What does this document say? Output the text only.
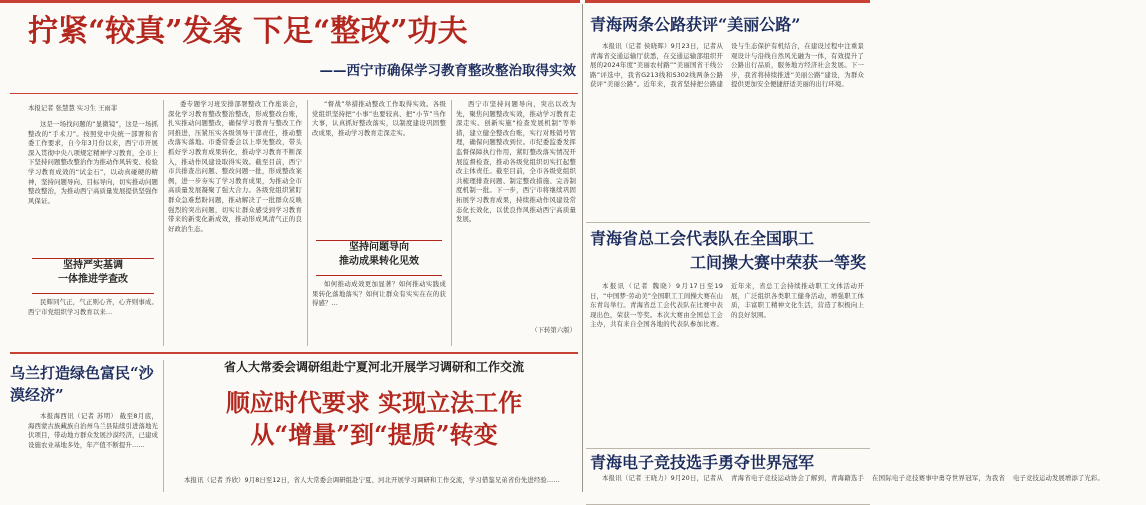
拧紧“较真”发条 下足“整改”功夫
——西宁市确保学习教育整改整治取得实效
本报记者 张慧慧 实习生 王雨菲

这是一场找问题的“显微镜”，这是一场抓整改的“手术刀”。按照党中央统一部署和省委工作要求，自今年3月份以来，西宁市开展深入贯彻中央八项规定精神学习教育，全市上下坚持问题整改整治作为推动作风转变、检验学习教育成效的“试金石”，以动真碰硬的精神，坚持问题导向、目标导向，切实推动问题整改整治，为推动西宁高质量发展提供坚强作风保证。

坚持严实基调
一体推进学查改

民辉同气正，气正则心齐，心齐则事成。西宁市党组织学习教育以来...

委专题学习班安排部署整改工作座谈会，深化学习教育整改整治整改，形成整改台账，扎实推动问题整改，确保学习教育与整改工作同推进，压紧压实各级领导干部责任，推动整改落实落地。市委常委会以上率先整改，带头抓好学习教育成果转化，推动学习教育不断深入，推动作风建设取得实效。截至目前，西宁市共排查出问题、整改问题一批，形成整改案例，进一步夯实了学习教育成果，为推动全市高质量发展凝聚了强大合力。各级党组织紧盯群众急难愁盼问题，推动解决了一批群众反映强烈的突出问题，切实让群众感受到学习教育带来的新变化新成效，推动形成风清气正的良好政治生态。

“督战”举措推动整改工作取得实效。各级党组织坚持把“小事”也要较真、把“小节”当作大事，认真抓好整改落实，以制度建设巩固整改成果，推动学习教育走深走实。

坚持问题导向
推动成果转化见效

如何推动成效更加显著？如何推动实践成果转化落地落实？如何让群众有实实在在的获得感？…

西宁市坚持问题导向，突出以改为先，聚焦问题整改实效，推动学习教育走深走实。创新实施“检查发展机制”等举措，建立健全整改台账，实行对账销号管理，确保问题整改到位。市纪委监委发挥监督保障执行作用，紧盯整改落实情况开展监督检查，推动各级党组织切实扛起整改主体责任。截至目前，全市各级党组织共梳理排查问题、制定整改措施、完善制度机制一批。下一步，西宁市将继续巩固拓展学习教育成果，持续推动作风建设常态化长效化，以优良作风推动西宁高质量发展。

（下转第六版）
乌兰打造绿色富民“沙漠经济”

本报海西讯（记者 苏明） 截至8月底，海西蒙古族藏族自治州乌兰县陆续引进落地光伏项目，带动地方群众发展沙漠经济，已建成设施农业基地多处，年产值不断提升……

省人大常委会调研组赴宁夏河北开展学习调研和工作交流
顺应时代要求 实现立法工作
从“增量”到“提质”转变

本报讯（记者 乔欣）9月8日至12日，省人大常委会调研组赴宁夏、河北开展学习调研和工作交流，学习借鉴兄弟省份先进经验……

青海两条公路获评“美丽公路”

本报讯（记者 侯晓晖）9月23日，记者从青海省交通运输厅获悉，在交通运输部组织开展的2024年度“美丽农村路”“美丽国省干线公路”评选中，我省G213线和S302线两条公路获评“美丽公路”。近年来，我省坚持把公路建设与生态保护有机结合，在建设过程中注重景观设计与沿线自然风光融为一体，有效提升了公路出行品质，服务地方经济社会发展。下一步，我省将持续推进“美丽公路”建设，为群众提供更加安全便捷舒适美丽的出行环境。

青海省总工会代表队在全国职工
工间操大赛中荣获一等奖

本报讯（记者 魏晓）9月17日至19日，“中国梦·劳动美”全国职工工间操大赛在山东青岛举行。青海省总工会代表队在比赛中表现出色，荣获一等奖。本次大赛由全国总工会主办，共有来自全国各地的代表队参加比赛。近年来，省总工会持续推动职工文体活动开展，广泛组织各类职工健身活动，增强职工体质，丰富职工精神文化生活，营造了积极向上的良好氛围。

青海电子竞技选手勇夺世界冠军

本报讯（记者 王晓力）9月20日，记者从青海省电子竞技运动协会了解到，青海籍选手在国际电子竞技赛事中勇夺世界冠军，为我省电子竞技运动发展增添了光彩。
